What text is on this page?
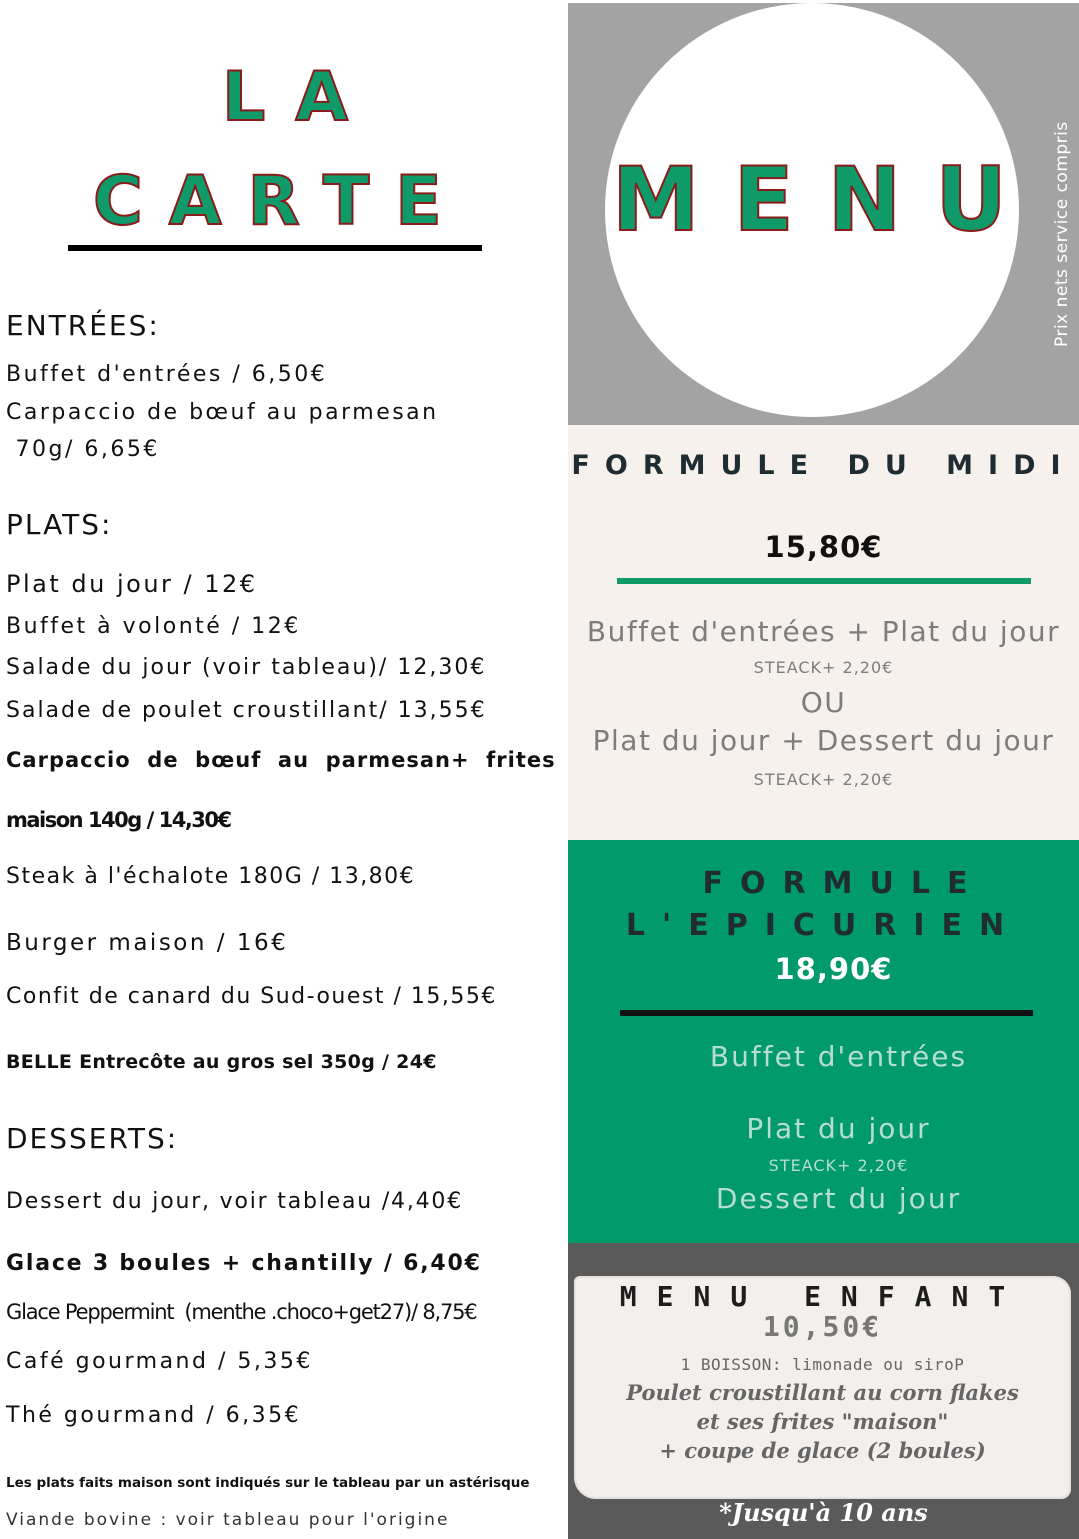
LA
CARTE
ENTRÉES:
Buffet d'entrées / 6,50€
Carpaccio de bœuf au parmesan
70g/ 6,65€
PLATS:
Plat du jour / 12€
Buffet à volonté / 12€
Salade du jour (voir tableau)/ 12,30€
Salade de poulet croustillant/ 13,55€
Carpaccio  de  bœuf  au  parmesan+  frites
maison 140g / 14,30€
Steak à l'échalote 180G / 13,80€
Burger maison / 16€
Confit de canard du Sud-ouest / 15,55€
BELLE Entrecôte au gros sel 350g / 24€
DESSERTS:
Dessert du jour, voir tableau /4,40€
Glace 3 boules + chantilly / 6,40€
Glace Peppermint  (menthe .choco+get27)/ 8,75€
Café gourmand / 5,35€
Thé gourmand / 6,35€
Les plats faits maison sont indiqués sur le tableau par un astérisque
Viande bovine : voir tableau pour l'origine
MENU Prix nets service compris
FORMULE DU MIDI
15,80€
Buffet d'entrées + Plat du jour
STEACK+ 2,20€
OU
Plat du jour + Dessert du jour
STEACK+ 2,20€
FORMULE
L'EPICURIEN
18,90€
Buffet d'entrées
Plat du jour
STEACK+ 2,20€
Dessert du jour
MENU ENFANT
10,50€
1 BOISSON: limonade ou siroP
Poulet croustillant au corn flakes
et ses frites "maison"
+ coupe de glace (2 boules)
*Jusqu'à 10 ans
